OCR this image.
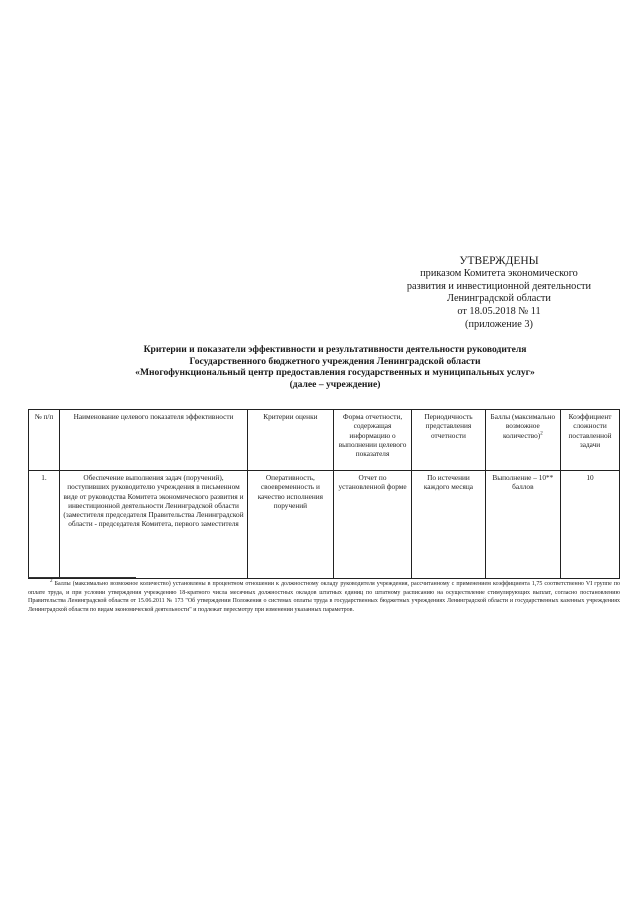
УТВЕРЖДЕНЫ
приказом Комитета экономического
развития и инвестиционной деятельности
Ленинградской области
от 18.05.2018 № 11
(приложение 3)
Критерии и показатели эффективности и результативности деятельности руководителя
Государственного бюджетного учреждения Ленинградской области
«Многофункциональный центр предоставления государственных и муниципальных услуг»
(далее – учреждение)
№ п/п	Наименование целевого показателя эффективности	Критерии оценки	Форма отчетности, содержащая информацию о выполнении целевого показателя	Периодичность представления отчетности	Баллы (максимально возможное количество)$^2$	Коэффициент сложности поставленной задачи
1.	Обеспечение выполнения задач (поручений), поступивших руководителю учреждения в письменном виде от руководства Комитета экономического развития и инвестиционной деятельности Ленинградской области (заместителя председателя Правительства Ленинградской области - председателя Комитета, первого заместителя	Оперативность, своевременность и качество исполнения поручений	Отчет по установленной форме	По истечении каждого месяца	Выполнение – 10** баллов	10
$^2$ Баллы (максимально возможное количество) установлены в процентном отношении к должностному окладу руководителя учреждения, рассчитанному с применением коэффициента 1,75 соответственно VI группе по оплате труда, и при условии утверждения учреждению 18-кратного числа месячных должностных окладов штатных единиц по штатному расписанию на осуществление стимулирующих выплат, согласно постановлению Правительства Ленинградской области от 15.06.2011 № 173 "Об утверждении Положения о системах оплаты труда в государственных бюджетных учреждениях Ленинградской области и государственных казенных учреждениях Ленинградской области по видам экономической деятельности" и подлежат пересмотру при изменении указанных параметров.
